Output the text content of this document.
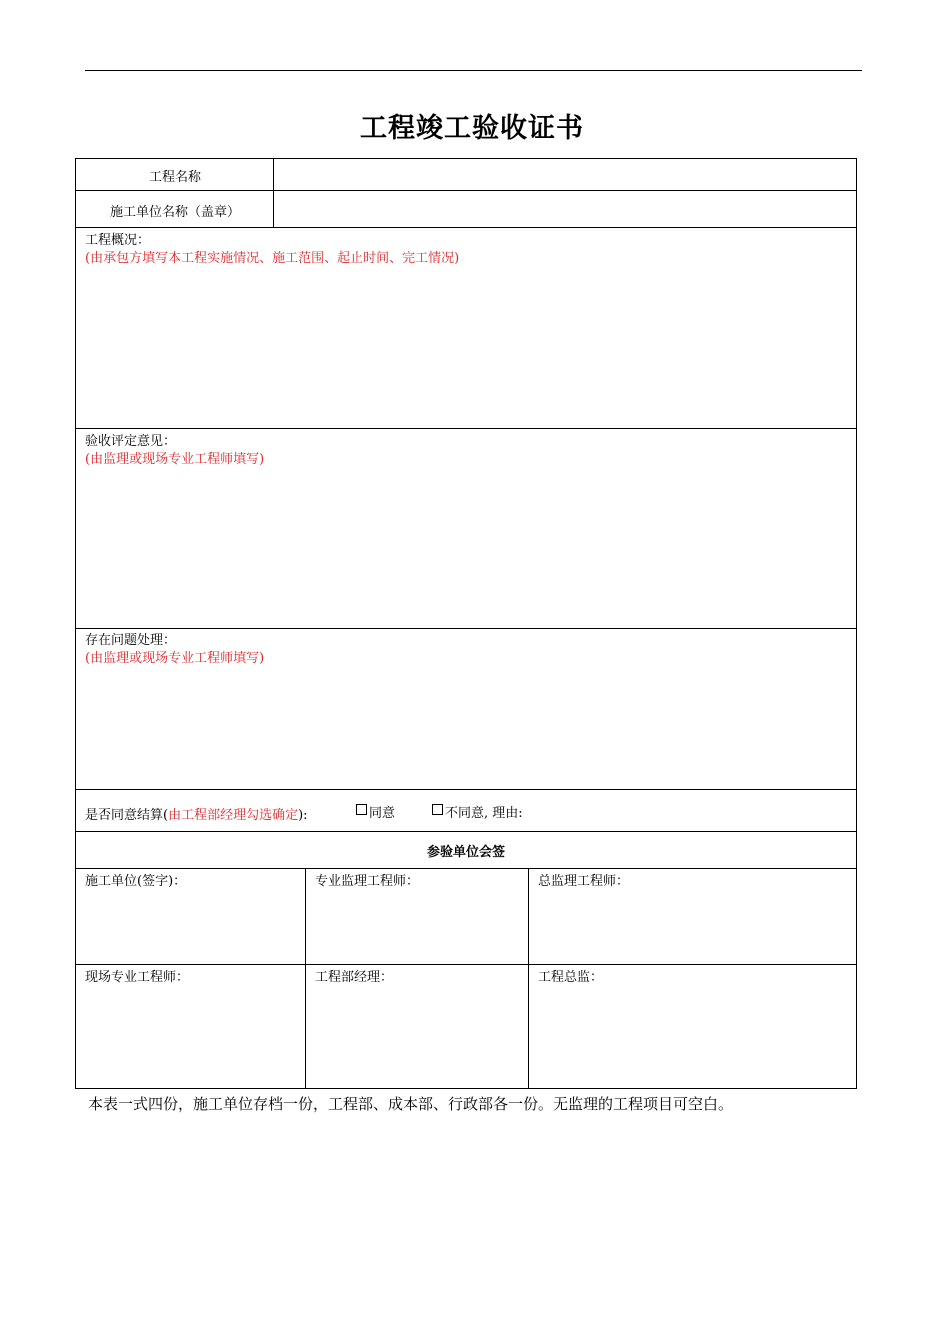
工程竣工验收证书
工程名称
施工单位名称（盖章）
工程概况：
(由承包方填写本工程实施情况、施工范围、起止时间、完工情况)
验收评定意见：
(由监理或现场专业工程师填写)
存在问题处理：
(由监理或现场专业工程师填写)
是否同意结算(由工程部经理勾选确定):	同意	不同意, 理由:
参验单位会签
施工单位(签字)：	专业监理工程师：	总监理工程师：
现场专业工程师：	工程部经理：	工程总监：
本表一式四份，施工单位存档一份，工程部、成本部、行政部各一份。无监理的工程项目可空白。
